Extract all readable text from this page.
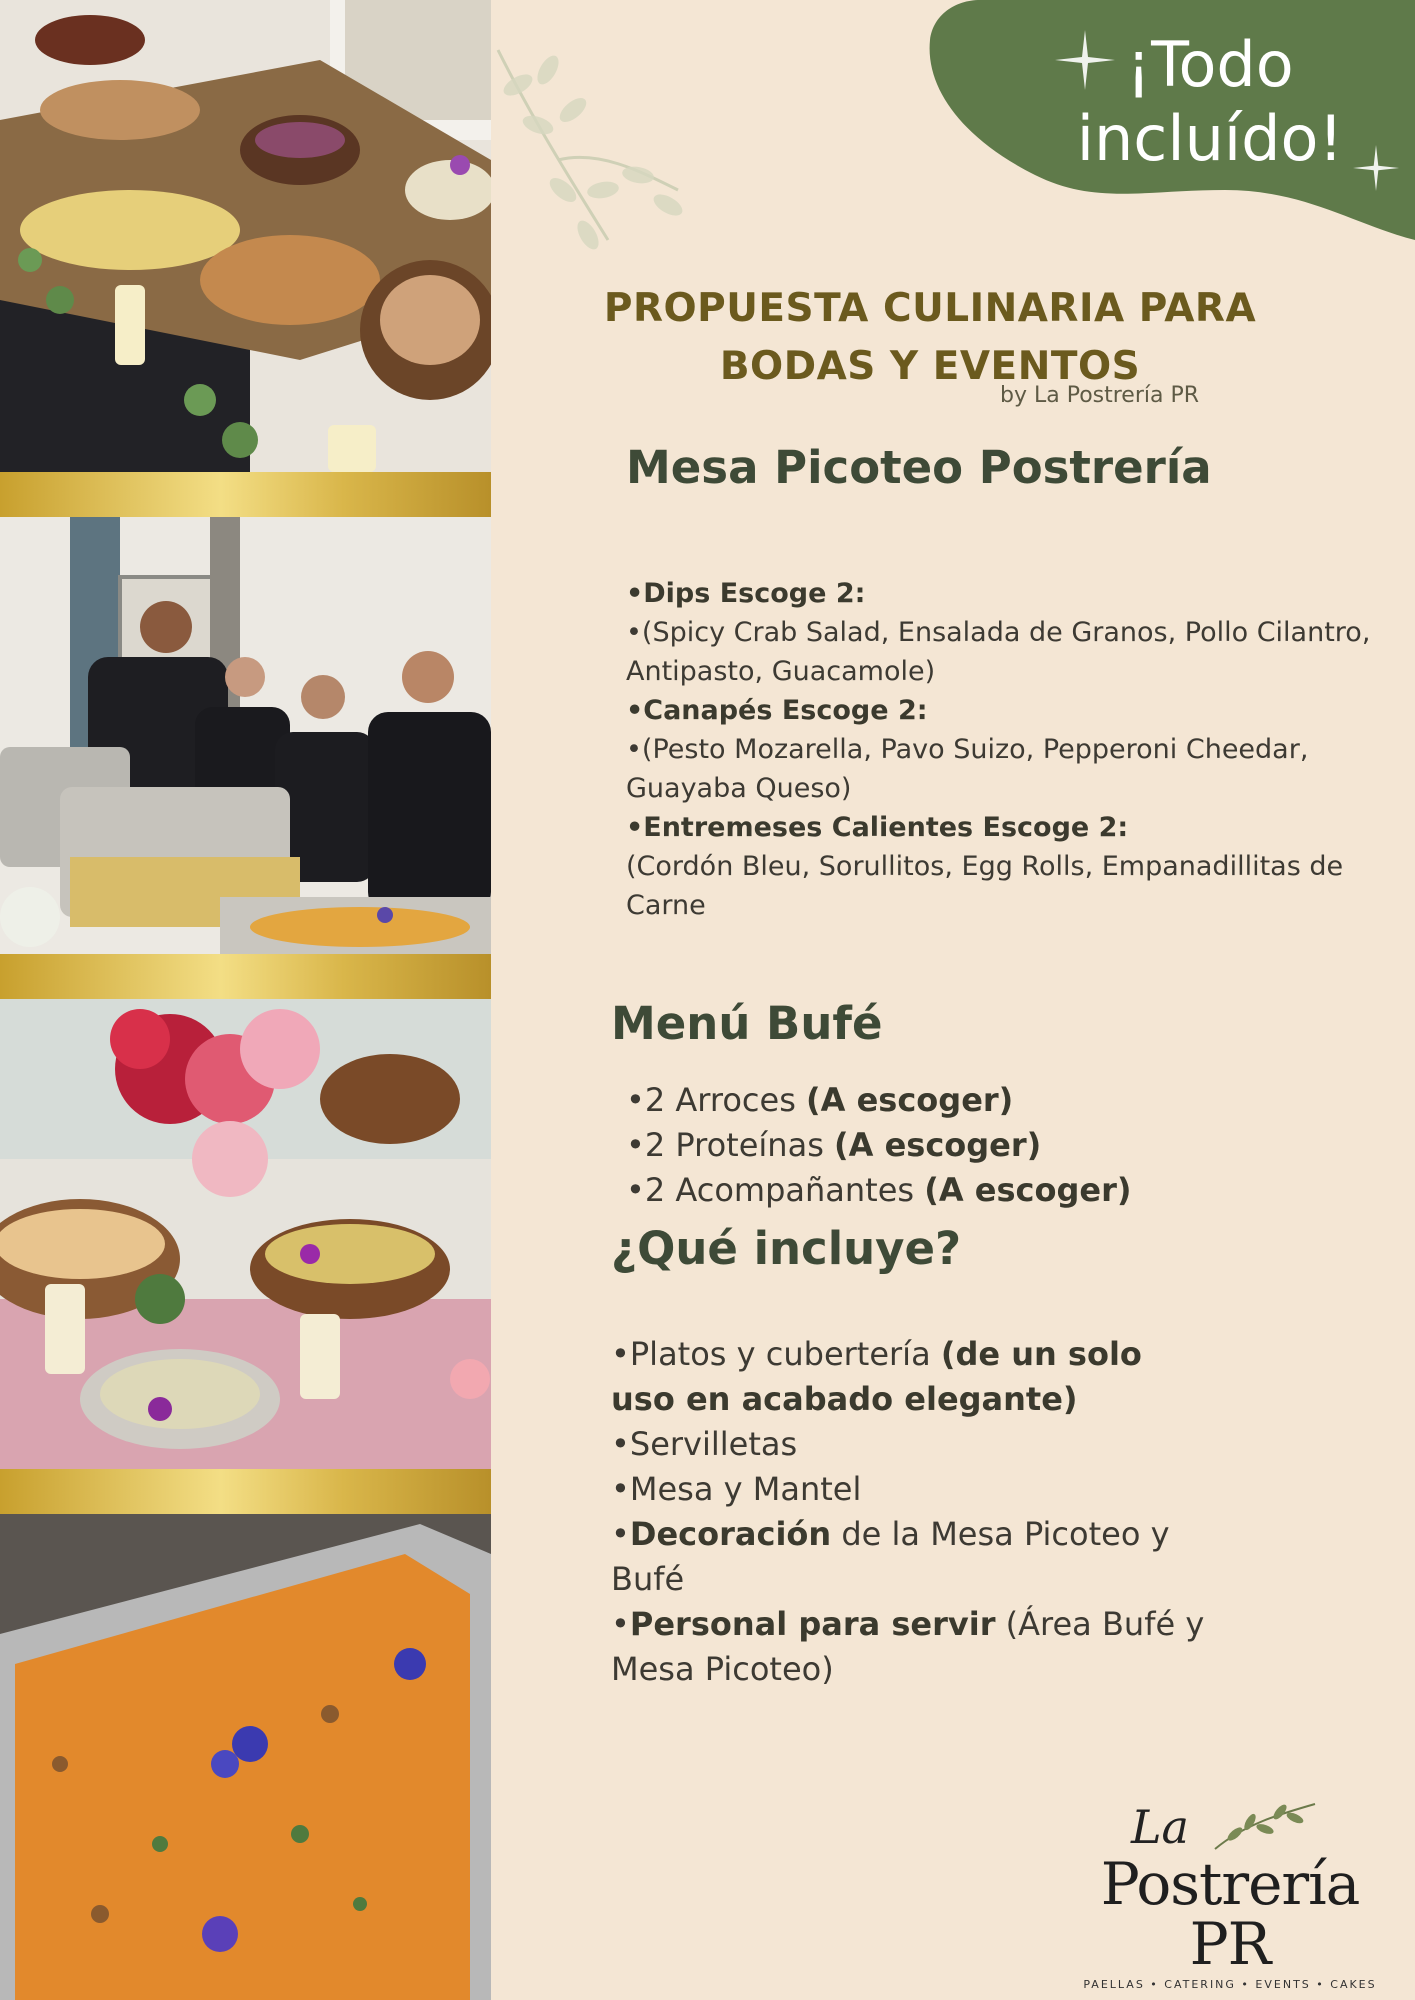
¡Todo
incluído!
PROPUESTA CULINARIA PARA
BODAS Y EVENTOS
by La Postrería PR
Mesa Picoteo Postrería
•Dips Escoge 2:
•(Spicy Crab Salad, Ensalada de Granos, Pollo Cilantro, Antipasto, Guacamole)
•Canapés Escoge 2:
•(Pesto Mozarella, Pavo Suizo, Pepperoni Cheedar, Guayaba Queso)
•Entremeses Calientes Escoge 2:
(Cordón Bleu, Sorullitos, Egg Rolls, Empanadillitas de Carne
Menú Bufé
•2 Arroces (A escoger)
•2 Proteínas (A escoger)
•2 Acompañantes (A escoger)
¿Qué incluye?
•Platos y cubertería (de un solo uso en acabado elegante)
•Servilletas
•Mesa y Mantel
•Decoración de la Mesa Picoteo y Bufé
•Personal para servir (Área Bufé y Mesa Picoteo)
La
Postrería PR
PAELLAS • CATERING • EVENTS • CAKES
